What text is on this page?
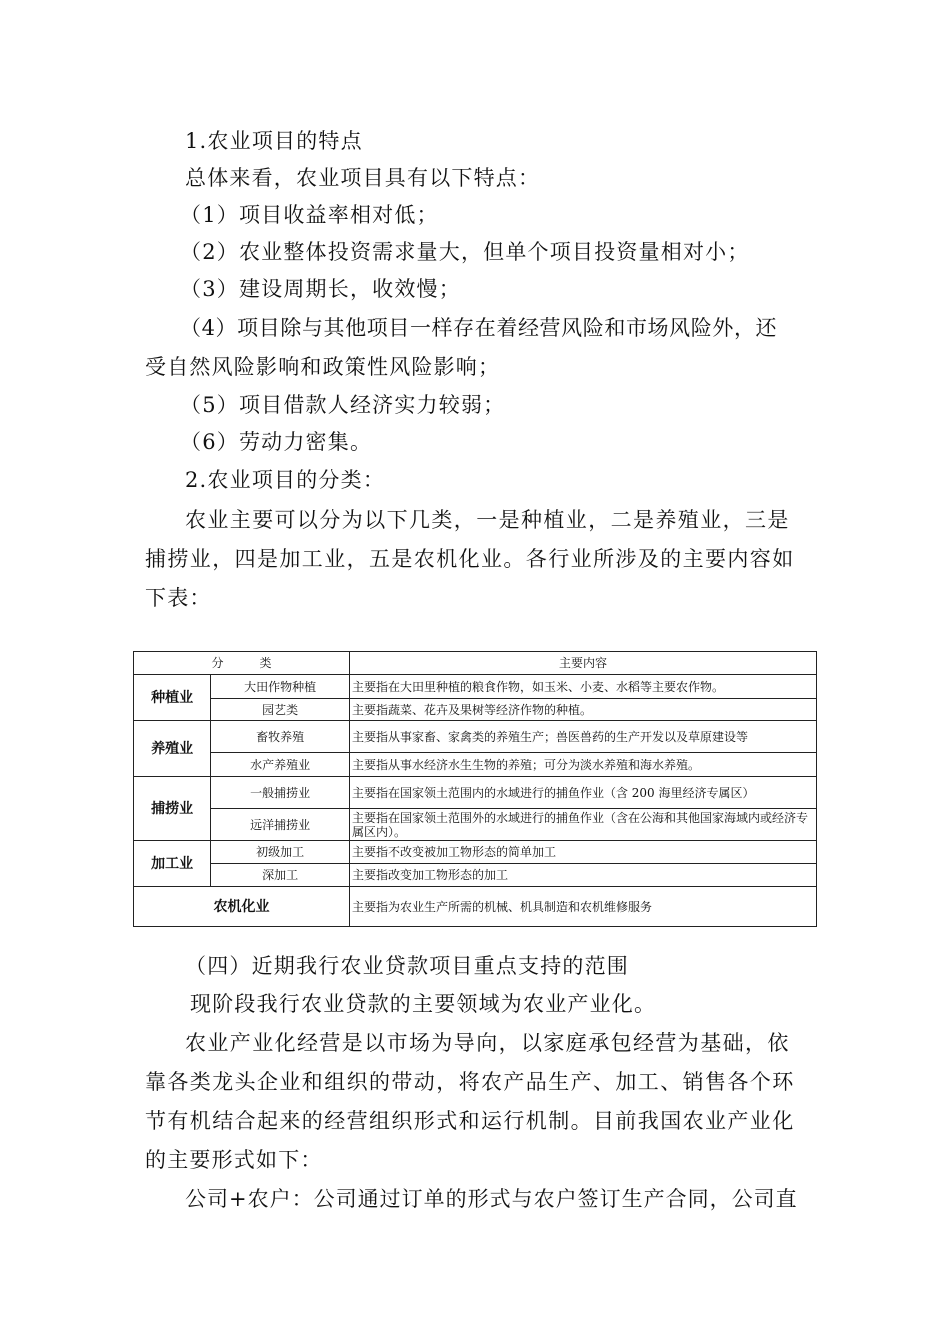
1.农业项目的特点
总体来看，农业项目具有以下特点：
（1）项目收益率相对低；
（2）农业整体投资需求量大，但单个项目投资量相对小；
（3）建设周期长，收效慢；
（4）项目除与其他项目一样存在着经营风险和市场风险外，还
受自然风险影响和政策性风险影响；
（5）项目借款人经济实力较弱；
（6）劳动力密集。
2.农业项目的分类：
农业主要可以分为以下几类，一是种植业，二是养殖业，三是
捕捞业，四是加工业，五是农机化业。各行业所涉及的主要内容如
下表：
分　　　类		主要内容
种植业	大田作物种植	主要指在大田里种植的粮食作物，如玉米、小麦、水稻等主要农作物。
	园艺类	主要指蔬菜、花卉及果树等经济作物的种植。
养殖业	畜牧养殖	主要指从事家畜、家禽类的养殖生产；兽医兽药的生产开发以及草原建设等
	水产养殖业	主要指从事水经济水生生物的养殖；可分为淡水养殖和海水养殖。
捕捞业	一般捕捞业	主要指在国家领土范围内的水域进行的捕鱼作业（含 200 海里经济专属区）
	远洋捕捞业	主要指在国家领土范围外的水域进行的捕鱼作业（含在公海和其他国家海域内或经济专属区内）。
加工业	初级加工	主要指不改变被加工物形态的简单加工
	深加工	主要指改变加工物形态的加工
农机化业		主要指为农业生产所需的机械、机具制造和农机维修服务
（四）近期我行农业贷款项目重点支持的范围
现阶段我行农业贷款的主要领域为农业产业化。
农业产业化经营是以市场为导向，以家庭承包经营为基础，依
靠各类龙头企业和组织的带动，将农产品生产、加工、销售各个环
节有机结合起来的经营组织形式和运行机制。目前我国农业产业化
的主要形式如下：
公司+农户：公司通过订单的形式与农户签订生产合同，公司直
